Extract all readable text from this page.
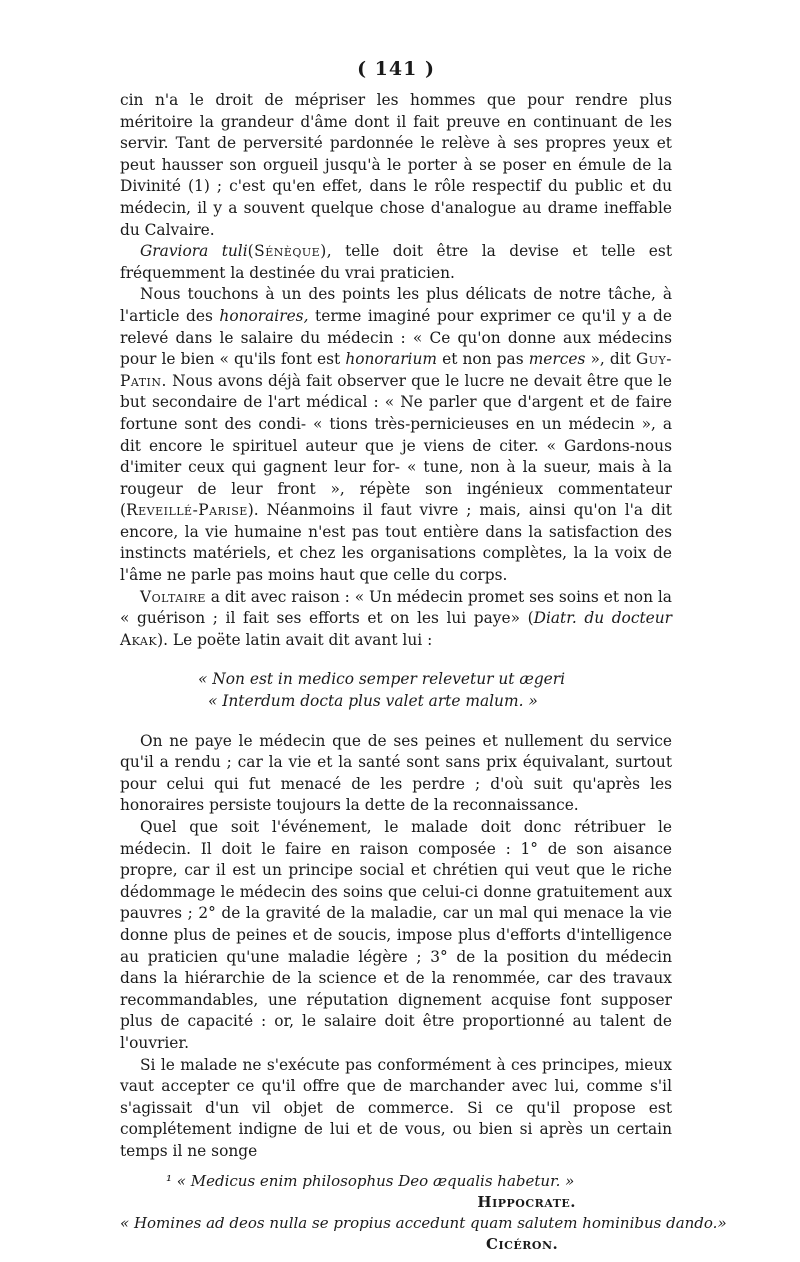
( 141 )

cin n'a le droit de mépriser les hommes que pour rendre plus méritoire la grandeur d'âme dont il fait preuve en continuant de les servir. Tant de perversité pardonnée le relève à ses propres yeux et peut hausser son orgueil jusqu'à le porter à se poser en émule de la Divinité (1) ; c'est qu'en effet, dans le rôle respectif du public et du médecin, il y a souvent quelque chose d'analogue au drame ineffable du Calvaire.

Graviora tuli(Sénèque), telle doit être la devise et telle est fréquemment la destinée du vrai praticien.

Nous touchons à un des points les plus délicats de notre tâche, à l'article des honoraires, terme imaginé pour exprimer ce qu'il y a de relevé dans le salaire du médecin : « Ce qu'on donne aux médecins pour le bien « qu'ils font est honorarium et non pas merces », dit Guy-Patin. Nous avons déjà fait observer que le lucre ne devait être que le but secondaire de l'art médical : « Ne parler que d'argent et de faire fortune sont des condi- « tions très-pernicieuses en un médecin », a dit encore le spirituel auteur que je viens de citer. « Gardons-nous d'imiter ceux qui gagnent leur for- « tune, non à la sueur, mais à la rougeur de leur front », répète son ingénieux commentateur (Reveillé-Parise). Néanmoins il faut vivre ; mais, ainsi qu'on l'a dit encore, la vie humaine n'est pas tout entière dans la satisfaction des instincts matériels, et chez les organisations complètes, la la voix de l'âme ne parle pas moins haut que celle du corps.

Voltaire a dit avec raison : « Un médecin promet ses soins et non la « guérison ; il fait ses efforts et on les lui paye» (Diatr. du docteur Akak). Le poëte latin avait dit avant lui :

« Non est in medico semper relevetur ut ægeri
« Interdum docta plus valet arte malum. »

On ne paye le médecin que de ses peines et nullement du service qu'il a rendu ; car la vie et la santé sont sans prix équivalant, surtout pour celui qui fut menacé de les perdre ; d'où suit qu'après les honoraires persiste toujours la dette de la reconnaissance.

Quel que soit l'événement, le malade doit donc rétribuer le médecin. Il doit le faire en raison composée : 1° de son aisance propre, car il est un principe social et chrétien qui veut que le riche dédommage le médecin des soins que celui-ci donne gratuitement aux pauvres ; 2° de la gravité de la maladie, car un mal qui menace la vie donne plus de peines et de soucis, impose plus d'efforts d'intelligence au praticien qu'une maladie légère ; 3° de la position du médecin dans la hiérarchie de la science et de la renommée, car des travaux recommandables, une réputation dignement acquise font supposer plus de capacité : or, le salaire doit être proportionné au talent de l'ouvrier.

Si le malade ne s'exécute pas conformément à ces principes, mieux vaut accepter ce qu'il offre que de marchander avec lui, comme s'il s'agissait d'un vil objet de commerce. Si ce qu'il propose est complétement indigne de lui et de vous, ou bien si après un certain temps il ne songe

¹ « Medicus enim philosophus Deo æqualis habetur. »
Hippocrate.
« Homines ad deos nulla se propius accedunt quam salutem hominibus dando.»
Cicéron.
